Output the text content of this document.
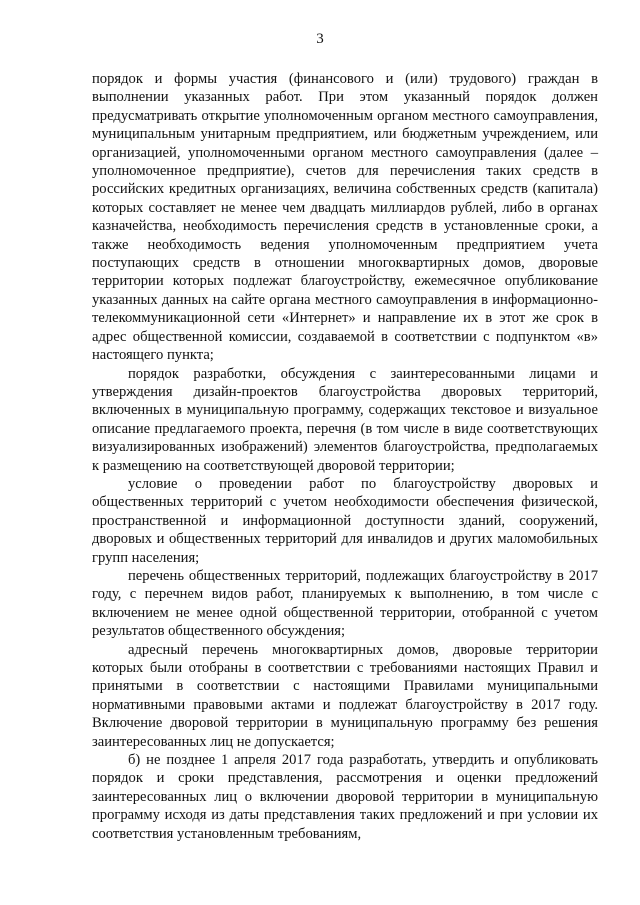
3

порядок и формы участия (финансового и (или) трудового) граждан в выполнении указанных работ. При этом указанный порядок должен предусматривать открытие уполномоченным органом местного самоуправления, муниципальным унитарным предприятием, или бюджетным учреждением, или организацией, уполномоченными органом местного самоуправления (далее – уполномоченное предприятие), счетов для перечисления таких средств в российских кредитных организациях, величина собственных средств (капитала) которых составляет не менее чем двадцать миллиардов рублей, либо в органах казначейства, необходимость перечисления средств в установленные сроки, а также необходимость ведения уполномоченным предприятием учета поступающих средств в отношении многоквартирных домов, дворовые территории которых подлежат благоустройству, ежемесячное опубликование указанных данных на сайте органа местного самоуправления в информационно-телекоммуникационной сети «Интернет» и направление их в этот же срок в адрес общественной комиссии, создаваемой в соответствии с подпунктом «в» настоящего пункта;

порядок разработки, обсуждения с заинтересованными лицами и утверждения дизайн-проектов благоустройства дворовых территорий, включенных в муниципальную программу, содержащих текстовое и визуальное описание предлагаемого проекта, перечня (в том числе в виде соответствующих визуализированных изображений) элементов благоустройства, предполагаемых к размещению на соответствующей дворовой территории;

условие о проведении работ по благоустройству дворовых и общественных территорий с учетом необходимости обеспечения физической, пространственной и информационной доступности зданий, сооружений, дворовых и общественных территорий для инвалидов и других маломобильных групп населения;

перечень общественных территорий, подлежащих благоустройству в 2017 году, с перечнем видов работ, планируемых к выполнению, в том числе с включением не менее одной общественной территории, отобранной с учетом результатов общественного обсуждения;

адресный перечень многоквартирных домов, дворовые территории которых были отобраны в соответствии с требованиями настоящих Правил и принятыми в соответствии с настоящими Правилами муниципальными нормативными правовыми актами и подлежат благоустройству в 2017 году. Включение дворовой территории в муниципальную программу без решения заинтересованных лиц не допускается;

б) не позднее 1 апреля 2017 года разработать, утвердить и опубликовать порядок и сроки представления, рассмотрения и оценки предложений заинтересованных лиц о включении дворовой территории в муниципальную программу исходя из даты представления таких предложений и при условии их соответствия установленным требованиям,
